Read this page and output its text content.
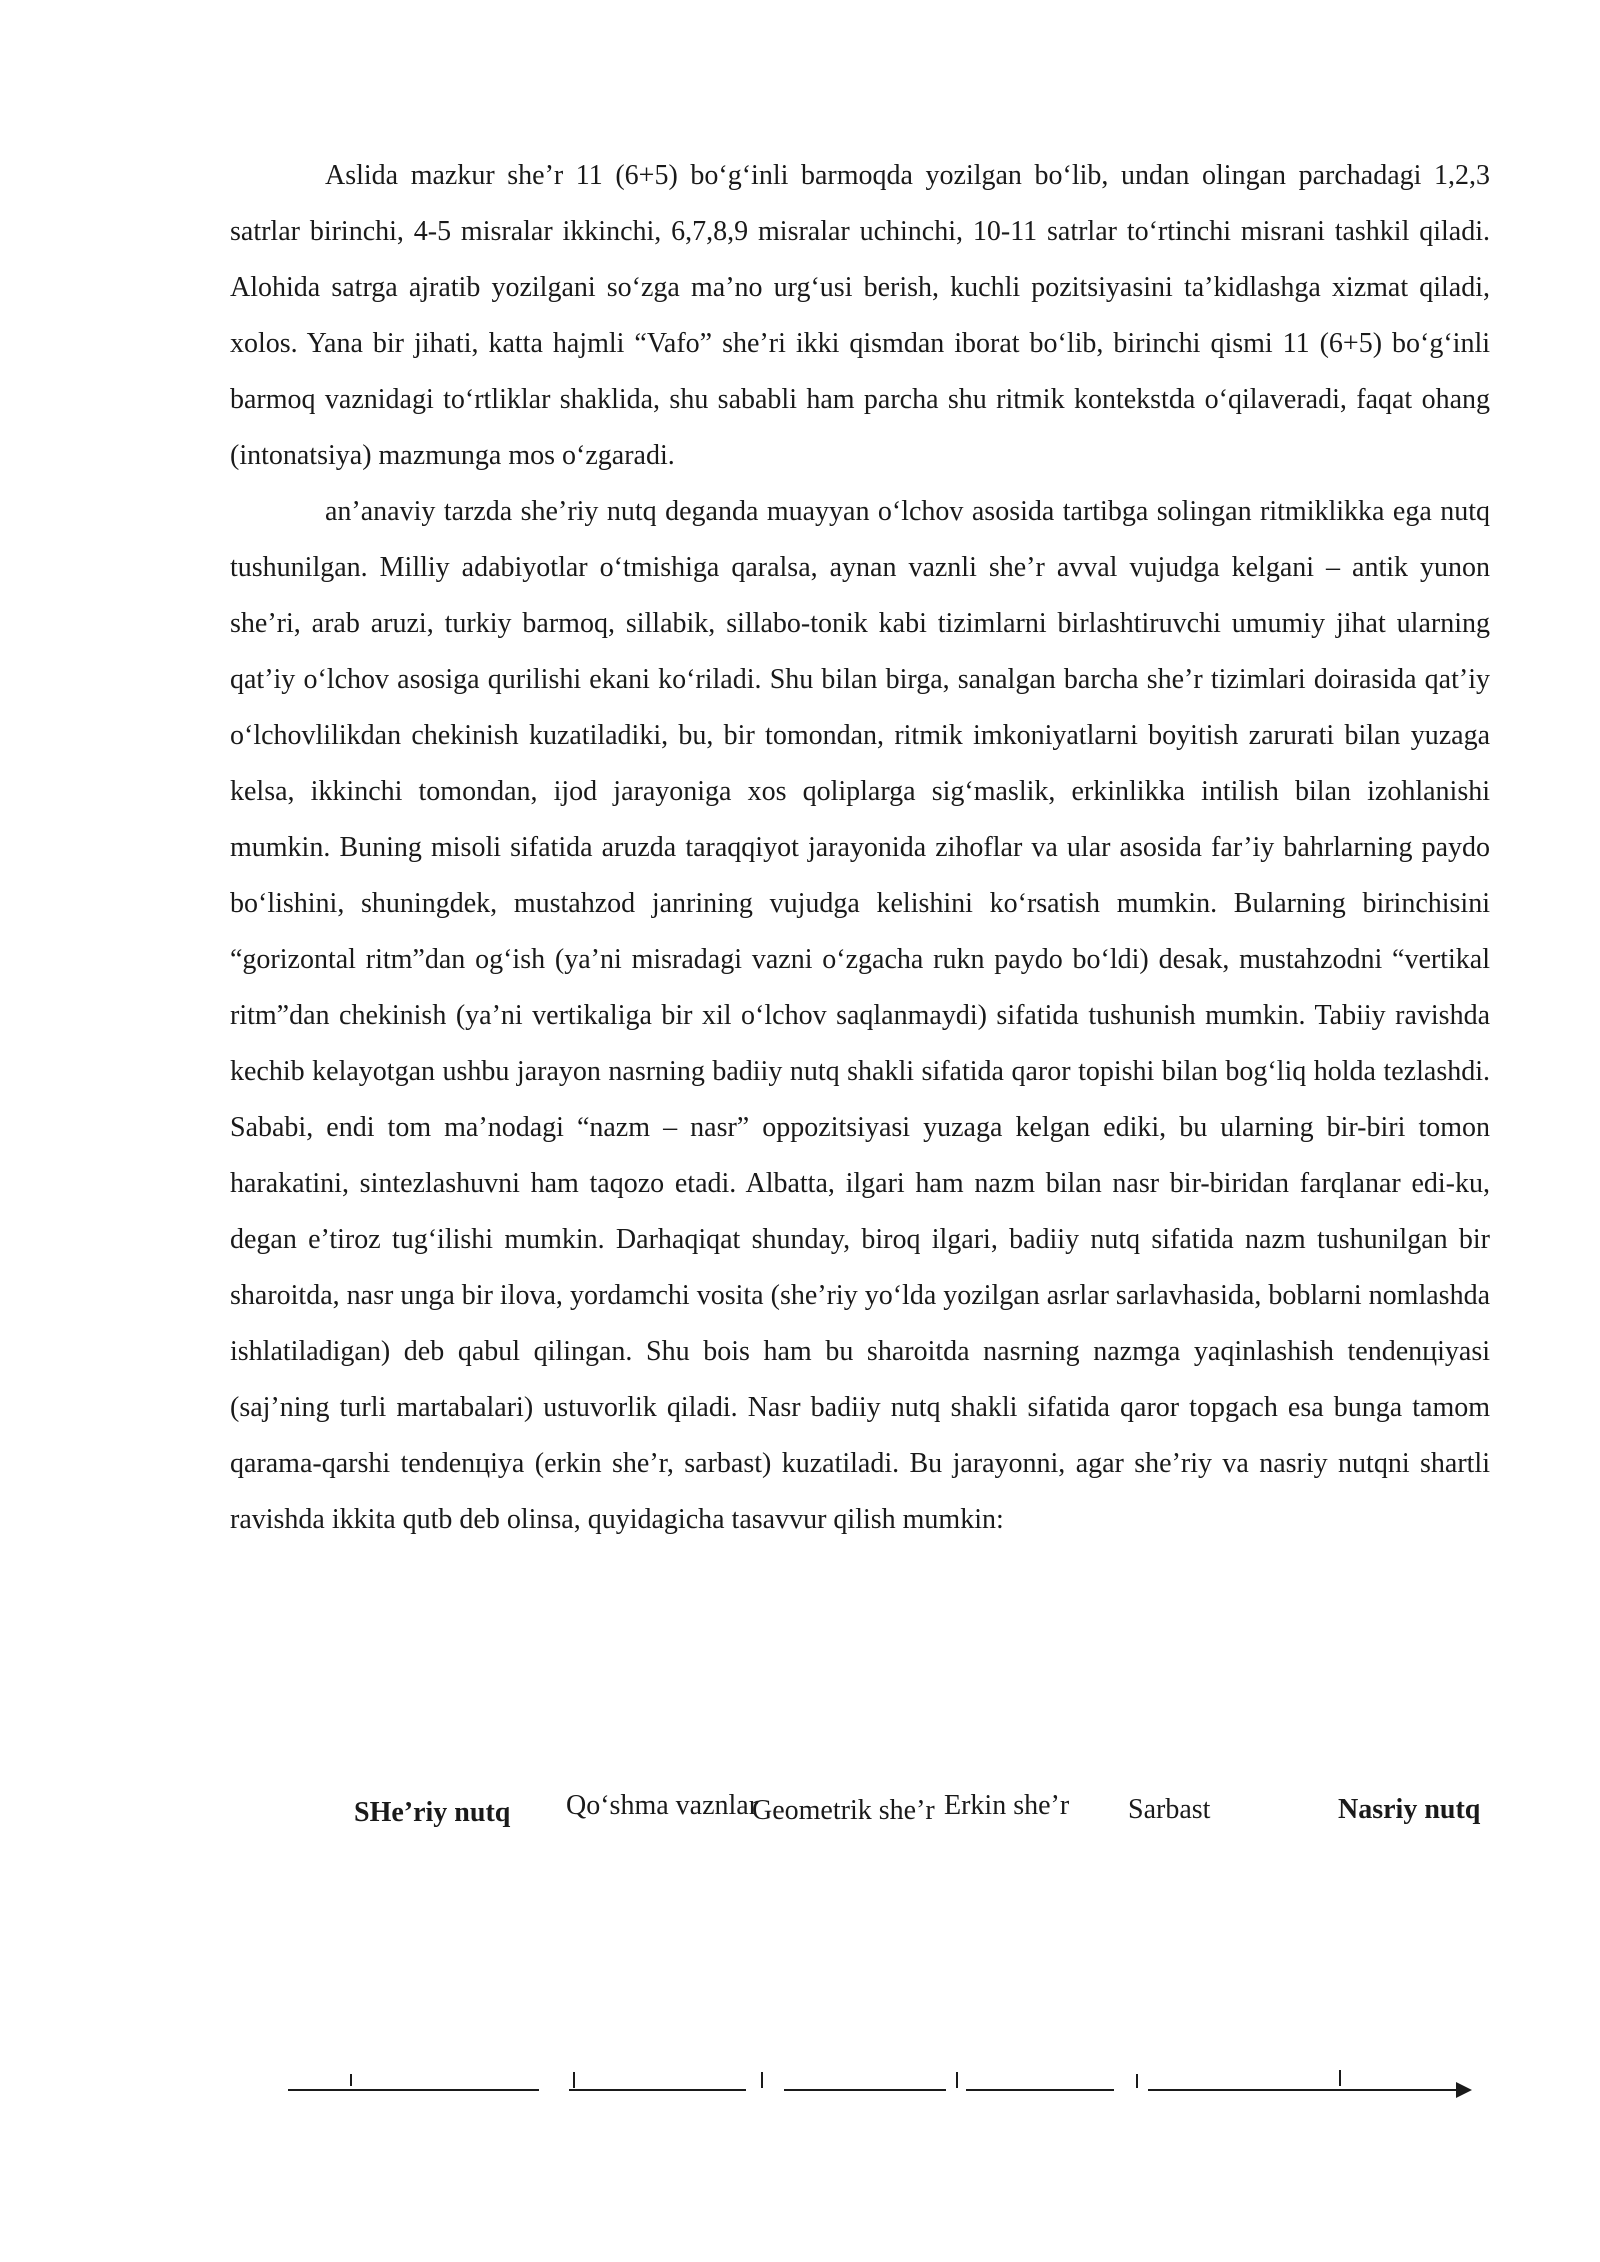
Aslida mazkur she’r 11 (6+5) bo‘g‘inli barmoqda yozilgan bo‘lib, undan olingan parchadagi 1,2,3 satrlar birinchi, 4-5 misralar ikkinchi, 6,7,8,9 misralar uchinchi, 10-11 satrlar to‘rtinchi misrani tashkil qiladi. Alohida satrga ajratib yozilgani so‘zga ma’no urg‘usi berish, kuchli pozitsiyasini ta’kidlashga xizmat qiladi, xolos. Yana bir jihati, katta hajmli “Vafo” she’ri ikki qismdan iborat bo‘lib, birinchi qismi 11 (6+5) bo‘g‘inli barmoq vaznidagi to‘rtliklar shaklida, shu sababli ham parcha shu ritmik kontekstda o‘qilaveradi, faqat ohang (intonatsiya) mazmunga mos o‘zgaradi.

an’anaviy tarzda she’riy nutq deganda muayyan o‘lchov asosida tartibga solingan ritmiklikka ega nutq tushunilgan. Milliy adabiyotlar o‘tmishiga qaralsa, aynan vaznli she’r avval vujudga kelgani – antik yunon she’ri, arab aruzi, turkiy barmoq, sillabik, sillabo-tonik kabi tizimlarni birlashtiruvchi umumiy jihat ularning qat’iy o‘lchov asosiga qurilishi ekani ko‘riladi. Shu bilan birga, sanalgan barcha she’r tizimlari doirasida qat’iy o‘lchovlilikdan chekinish kuzatiladiki, bu, bir tomondan, ritmik imkoniyatlarni boyitish zarurati bilan yuzaga kelsa, ikkinchi tomondan, ijod jarayoniga xos qoliplarga sig‘maslik, erkinlikka intilish bilan izohlanishi mumkin. Buning misoli sifatida aruzda taraqqiyot jarayonida zihoflar va ular asosida far’iy bahrlarning paydo bo‘lishini, shuningdek, mustahzod janrining vujudga kelishini ko‘rsatish mumkin. Bularning birinchisini “gorizontal ritm”dan og‘ish (ya’ni misradagi vazni o‘zgacha rukn paydo bo‘ldi) desak, mustahzodni “vertikal ritm”dan chekinish (ya’ni vertikaliga bir xil o‘lchov saqlanmaydi) sifatida tushunish mumkin. Tabiiy ravishda kechib kelayotgan ushbu jarayon nasrning badiiy nutq shakli sifatida qaror topishi bilan bog‘liq holda tezlashdi. Sababi, endi tom ma’nodagi “nazm – nasr” oppozitsiyasi yuzaga kelgan ediki, bu ularning bir-biri tomon harakatini, sintezlashuvni ham taqozo etadi. Albatta, ilgari ham nazm bilan nasr bir-biridan farqlanar edi-ku, degan e’tiroz tug‘ilishi mumkin. Darhaqiqat shunday, biroq ilgari, badiiy nutq sifatida nazm tushunilgan bir sharoitda, nasr unga bir ilova, yordamchi vosita (she’riy yo‘lda yozilgan asrlar sarlavhasida, boblarni nomlashda ishlatiladigan) deb qabul qilingan. Shu bois ham bu sharoitda nasrning nazmga yaqinlashish tendenцiyasi (saj’ning turli martabalari) ustuvorlik qiladi. Nasr badiiy nutq shakli sifatida qaror topgach esa bunga tamom qarama-qarshi tendenцiya (erkin she’r, sarbast) kuzatiladi. Bu jarayonni, agar she’riy va nasriy nutqni shartli ravishda ikkita qutb deb olinsa, quyidagicha tasavvur qilish mumkin:

SHe’riy nutq Qo‘shma vaznlar
Geometrik she’r Erkin she’r Sarbast	Nasriy nutq
